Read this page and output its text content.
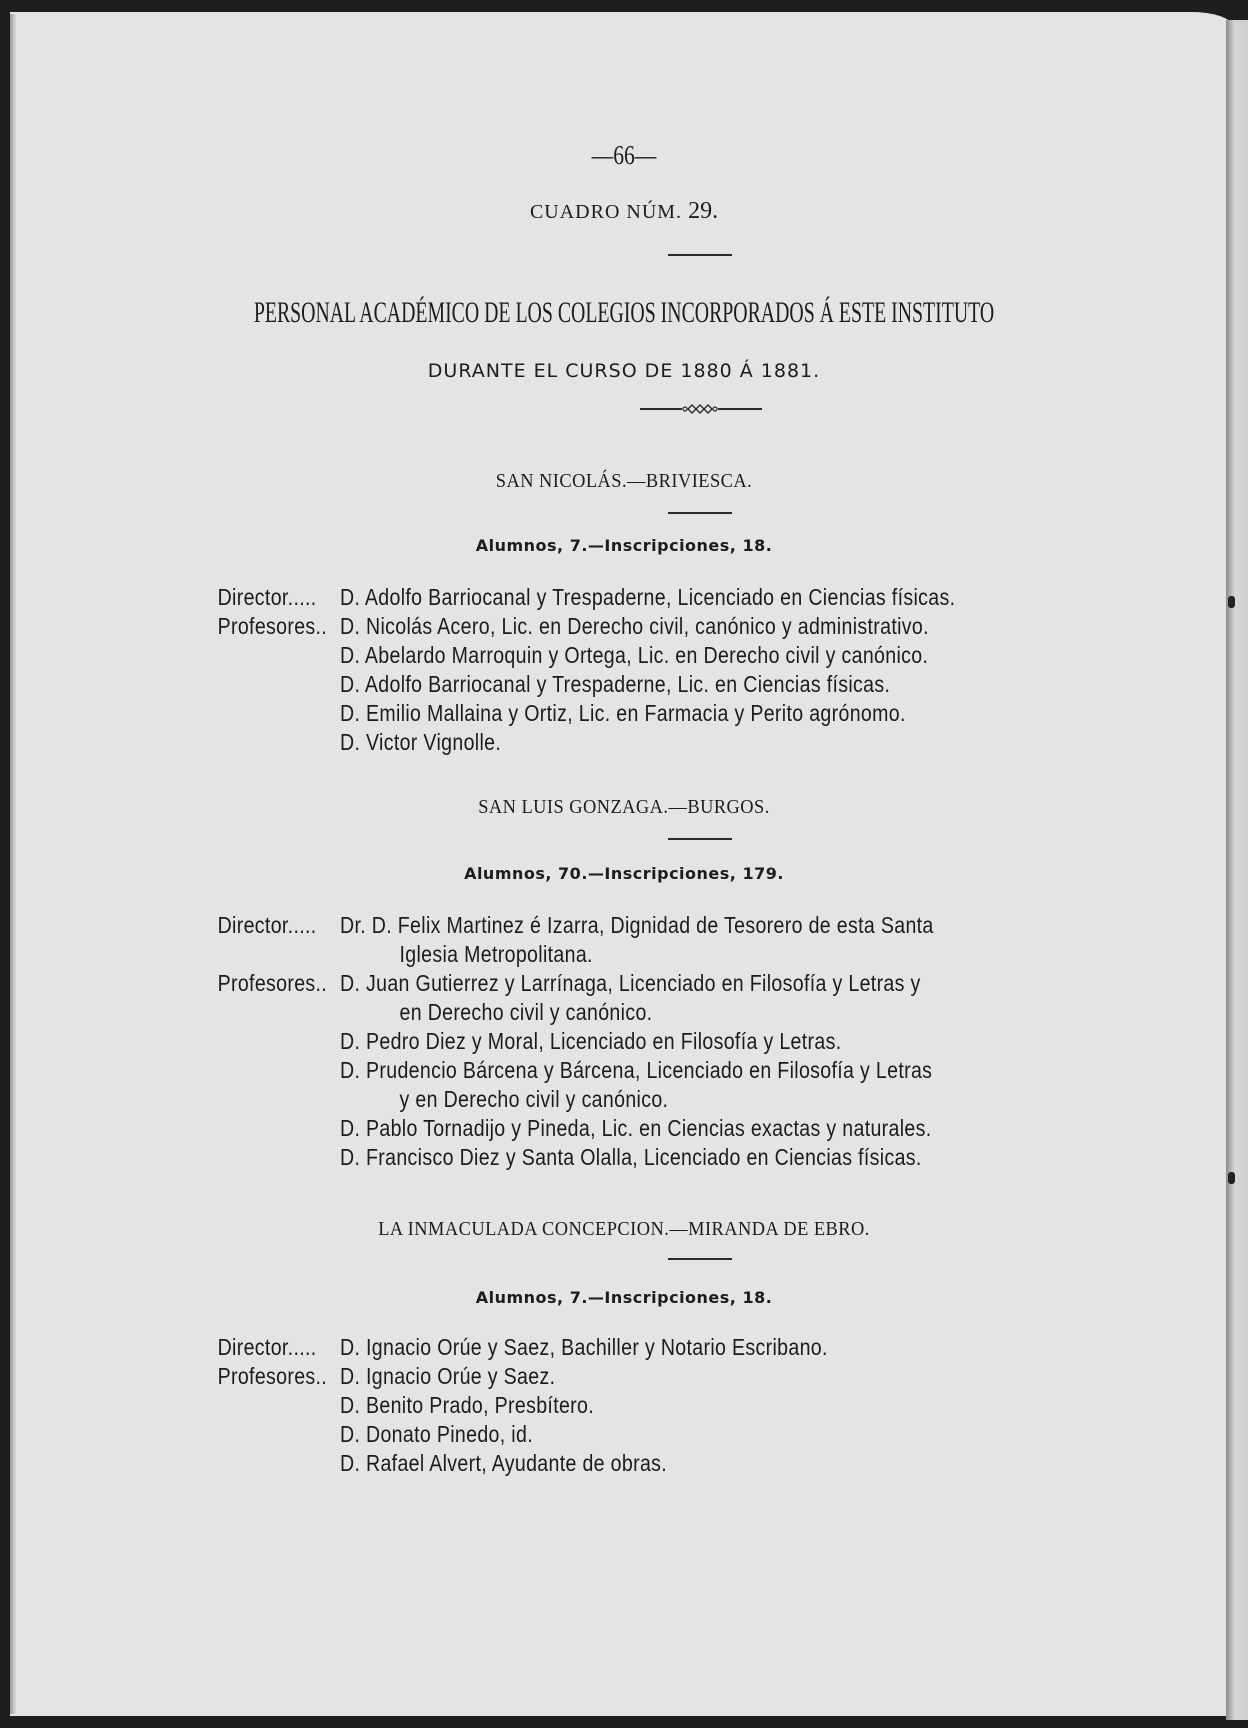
—66—
CUADRO NÚM. 29.
PERSONAL ACADÉMICO DE LOS COLEGIOS INCORPORADOS Á ESTE INSTITUTO
DURANTE EL CURSO DE 1880 Á 1881.
SAN NICOLÁS.—BRIVIESCA.
Alumnos, 7.—Inscripciones, 18.
Director..... D. Adolfo Barriocanal y Trespaderne, Licenciado en Ciencias físicas.
Profesores.. D. Nicolás Acero, Lic. en Derecho civil, canónico y administrativo.
D. Abelardo Marroquin y Ortega, Lic. en Derecho civil y canónico.
D. Adolfo Barriocanal y Trespaderne, Lic. en Ciencias físicas.
D. Emilio Mallaina y Ortiz, Lic. en Farmacia y Perito agrónomo.
D. Victor Vignolle.
Director..... Dr. D. Felix Martinez é Izarra, Dignidad de Tesorero de esta Santa
Iglesia Metropolitana.
Profesores.. D. Juan Gutierrez y Larrínaga, Licenciado en Filosofía y Letras y
en Derecho civil y canónico.
D. Pedro Diez y Moral, Licenciado en Filosofía y Letras.
D. Prudencio Bárcena y Bárcena, Licenciado en Filosofía y Letras
y en Derecho civil y canónico.
D. Pablo Tornadijo y Pineda, Lic. en Ciencias exactas y naturales.
D. Francisco Diez y Santa Olalla, Licenciado en Ciencias físicas.
Director..... D. Ignacio Orúe y Saez, Bachiller y Notario Escribano.
Profesores.. D. Ignacio Orúe y Saez.
D. Benito Prado, Presbítero.
D. Donato Pinedo, id.
D. Rafael Alvert, Ayudante de obras.
SAN LUIS GONZAGA.—BURGOS.
Alumnos, 70.—Inscripciones, 179.
LA INMACULADA CONCEPCION.—MIRANDA DE EBRO.
Alumnos, 7.—Inscripciones, 18.
